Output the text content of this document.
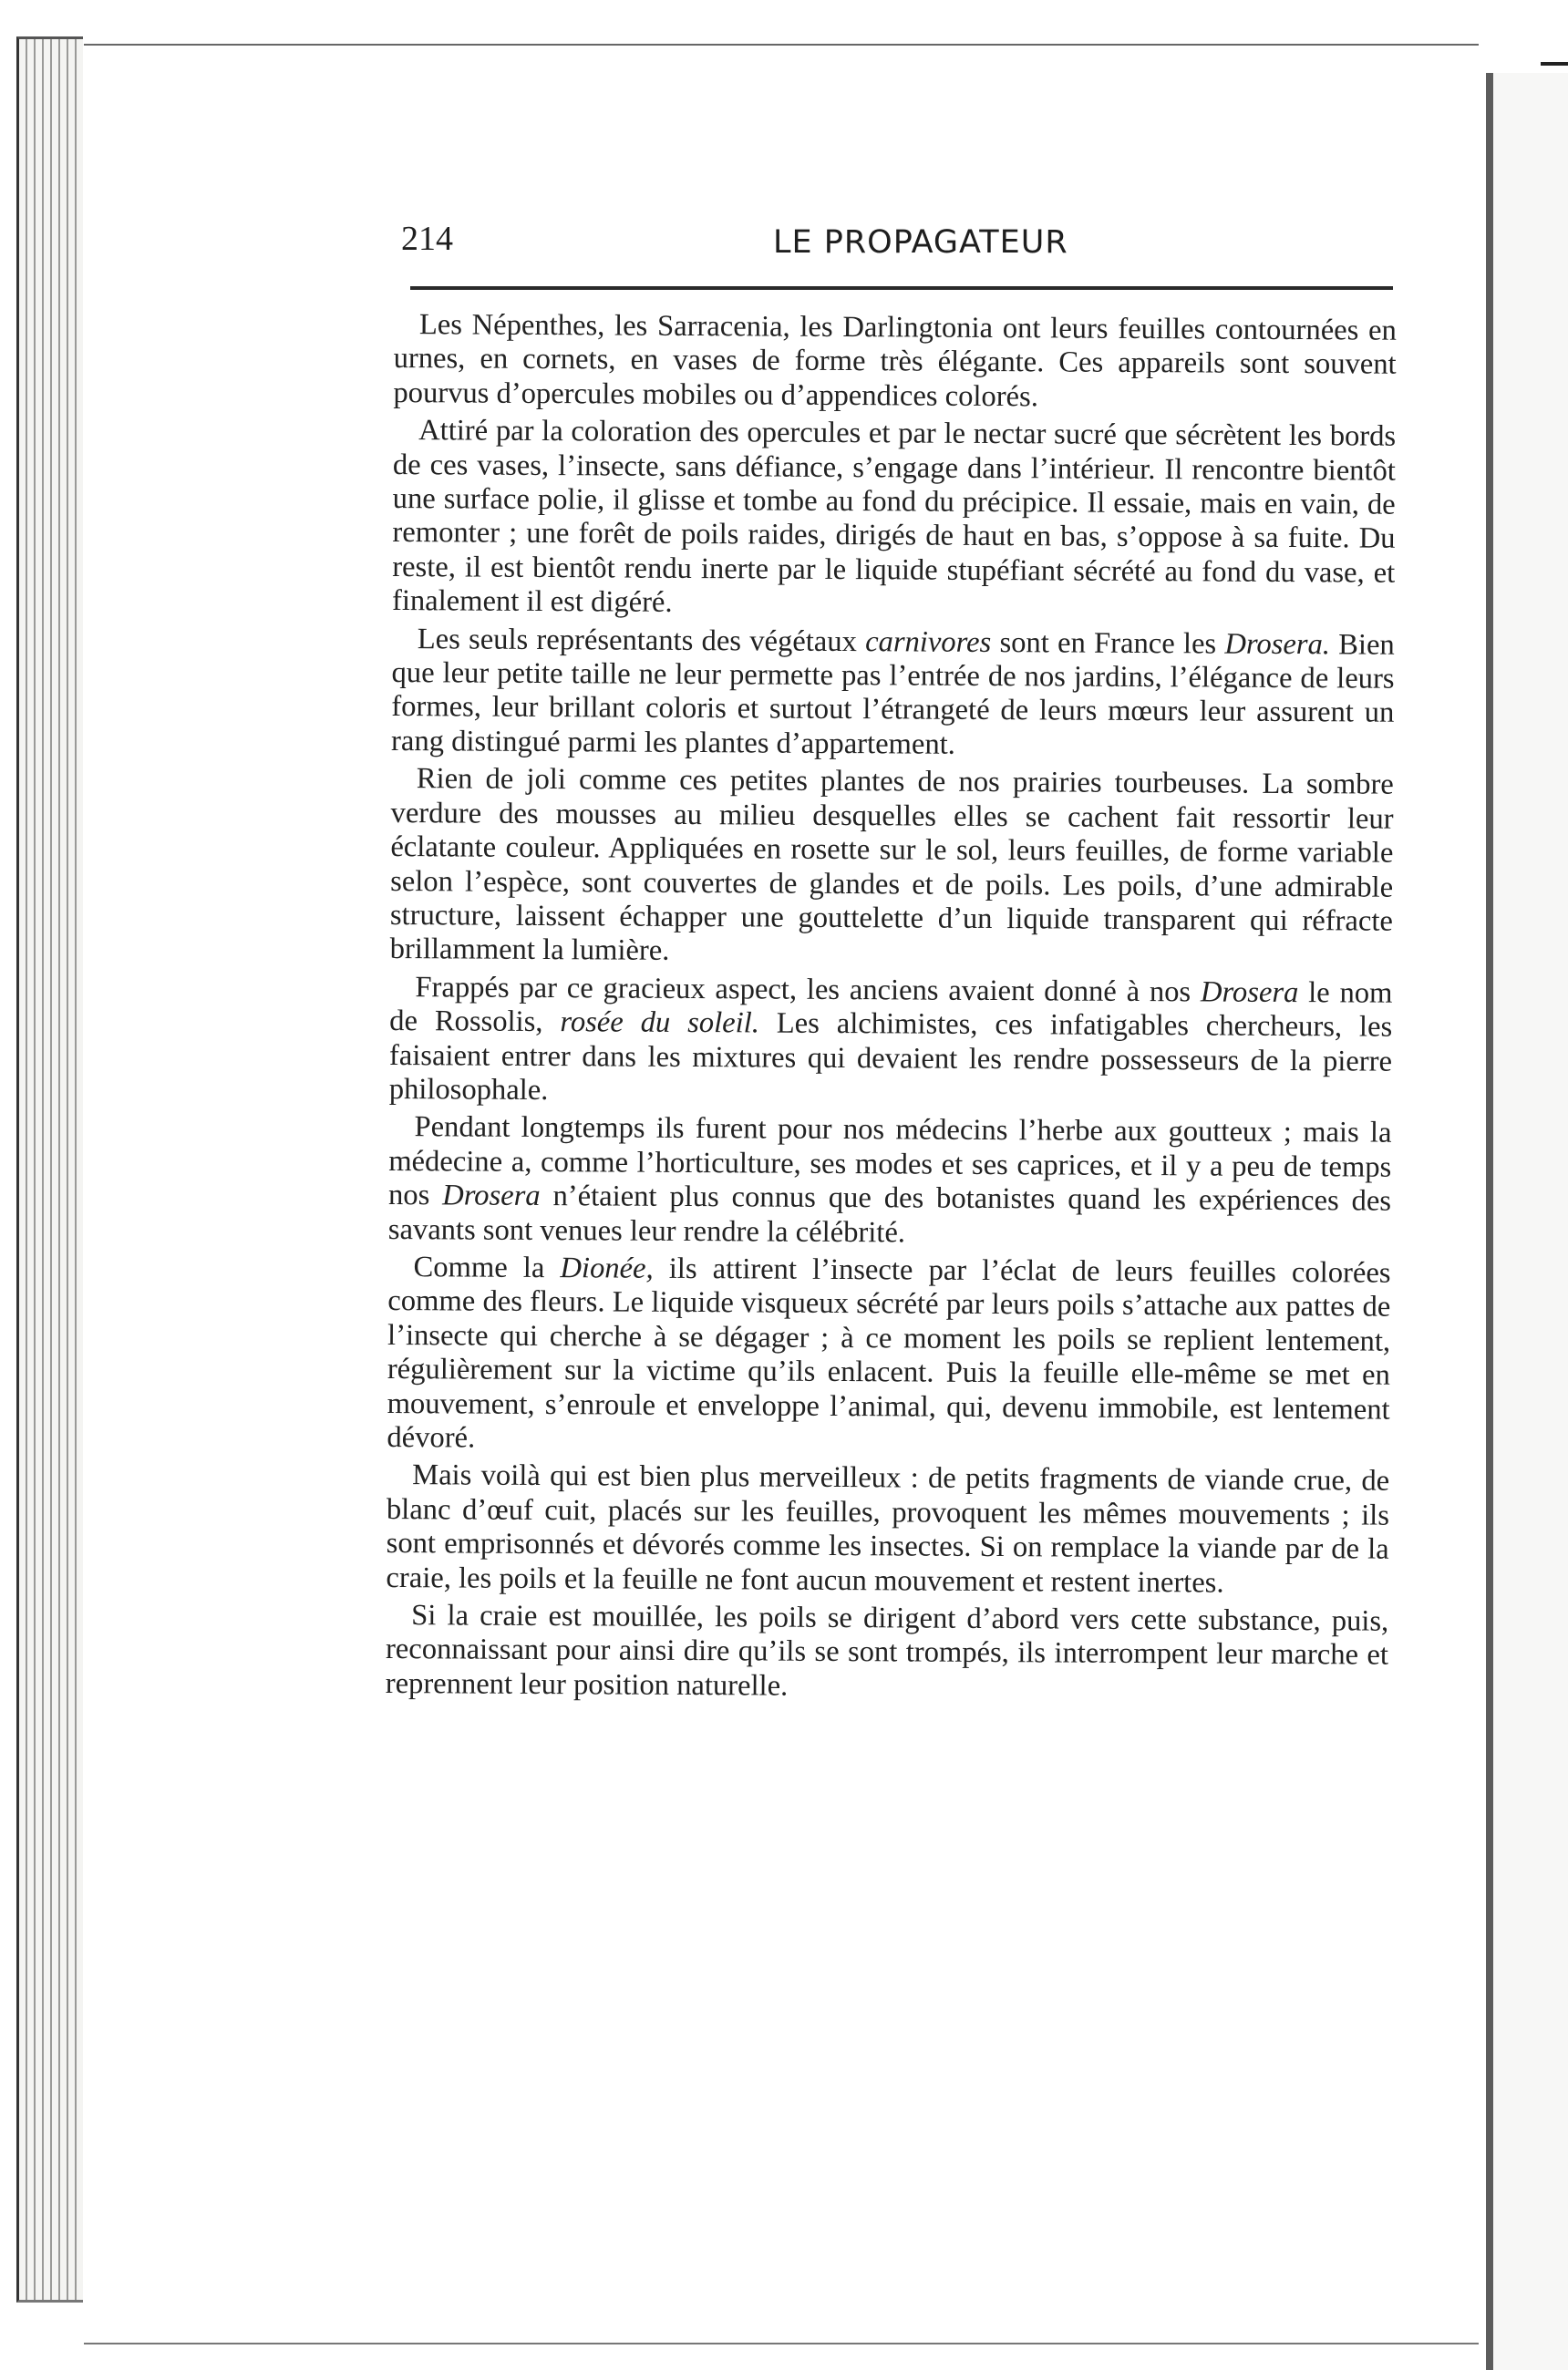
214	LE PROPAGATEUR

Les Népenthes, les Sarracenia, les Darlingtonia ont leurs feuilles contournées en urnes, en cornets, en vases de forme très élégante. Ces appareils sont souvent pourvus d’opercules mobiles ou d’appendices colorés.

Attiré par la coloration des opercules et par le nectar sucré que sécrètent les bords de ces vases, l’insecte, sans défiance, s’engage dans l’intérieur. Il rencontre bientôt une surface polie, il glisse et tombe au fond du précipice. Il essaie, mais en vain, de remonter ; une forêt de poils raides, dirigés de haut en bas, s’oppose à sa fuite. Du reste, il est bientôt rendu inerte par le liquide stupéfiant sécrété au fond du vase, et finalement il est digéré.

Les seuls représentants des végétaux carnivores sont en France les Drosera. Bien que leur petite taille ne leur permette pas l’entrée de nos jardins, l’élégance de leurs formes, leur brillant coloris et surtout l’étrangeté de leurs mœurs leur assurent un rang distingué parmi les plantes d’appartement.

Rien de joli comme ces petites plantes de nos prairies tourbeuses. La sombre verdure des mousses au milieu desquelles elles se cachent fait ressortir leur éclatante couleur. Appliquées en rosette sur le sol, leurs feuilles, de forme variable selon l’espèce, sont couvertes de glandes et de poils. Les poils, d’une admirable structure, laissent échapper une gouttelette d’un liquide transparent qui réfracte brillamment la lumière.

Frappés par ce gracieux aspect, les anciens avaient donné à nos Drosera le nom de Rossolis, rosée du soleil. Les alchimistes, ces infatigables chercheurs, les faisaient entrer dans les mixtures qui devaient les rendre possesseurs de la pierre philosophale.

Pendant longtemps ils furent pour nos médecins l’herbe aux goutteux ; mais la médecine a, comme l’horticulture, ses modes et ses caprices, et il y a peu de temps nos Drosera n’étaient plus connus que des botanistes quand les expériences des savants sont venues leur rendre la célébrité.

Comme la Dionée, ils attirent l’insecte par l’éclat de leurs feuilles colorées comme des fleurs. Le liquide visqueux sécrété par leurs poils s’attache aux pattes de l’insecte qui cherche à se dégager ; à ce moment les poils se replient lentement, régulièrement sur la victime qu’ils enlacent. Puis la feuille elle-même se met en mouvement, s’enroule et enveloppe l’animal, qui, devenu immobile, est lentement dévoré.

Mais voilà qui est bien plus merveilleux : de petits fragments de viande crue, de blanc d’œuf cuit, placés sur les feuilles, provoquent les mêmes mouvements ; ils sont emprisonnés et dévorés comme les insectes. Si on remplace la viande par de la craie, les poils et la feuille ne font aucun mouvement et restent inertes.

Si la craie est mouillée, les poils se dirigent d’abord vers cette substance, puis, reconnaissant pour ainsi dire qu’ils se sont trompés, ils interrompent leur marche et reprennent leur position naturelle.
